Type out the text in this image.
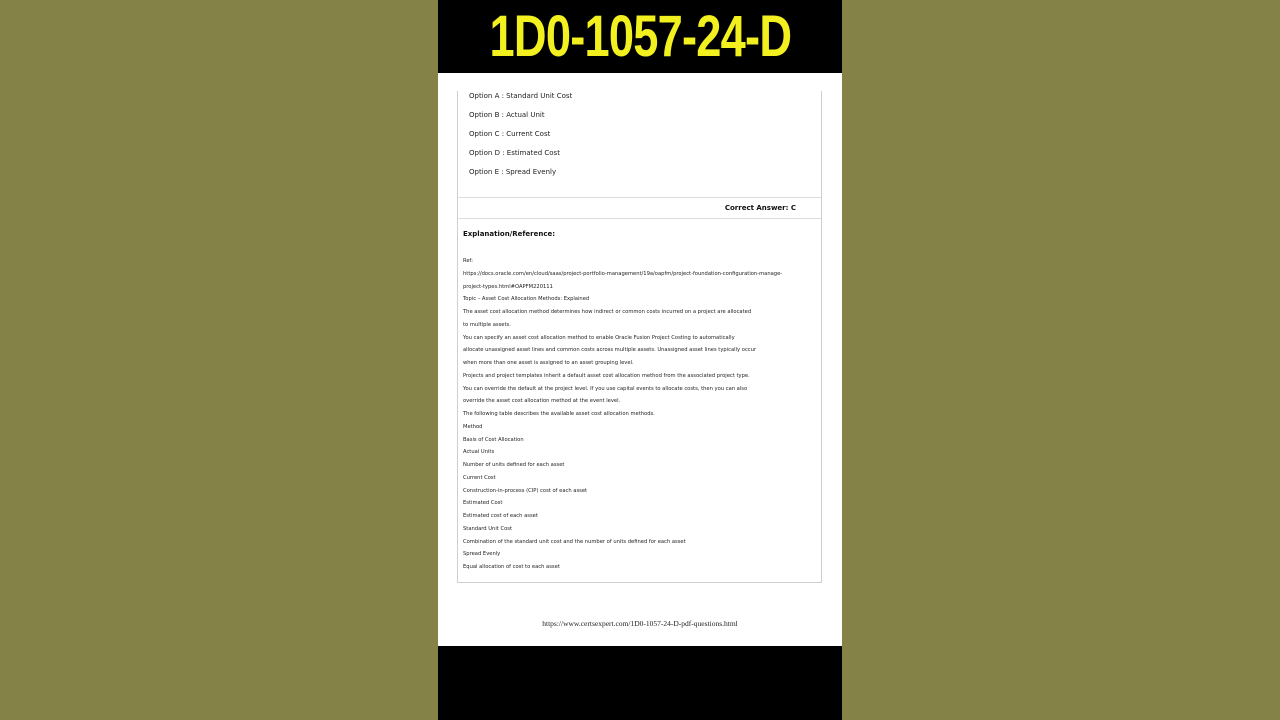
1D0-1057-24-D
Option A : Standard Unit Cost
Option B : Actual Unit
Option C : Current Cost
Option D : Estimated Cost
Option E : Spread Evenly
Correct Answer: C
Explanation/Reference:
Ref:
https://docs.oracle.com/en/cloud/saas/project-portfolio-management/19a/oapfm/project-foundation-configuration-manage-
project-types.html#OAPFM220111
Topic – Asset Cost Allocation Methods: Explained
The asset cost allocation method determines how indirect or common costs incurred on a project are allocated
to multiple assets.
You can specify an asset cost allocation method to enable Oracle Fusion Project Costing to automatically
allocate unassigned asset lines and common costs across multiple assets. Unassigned asset lines typically occur
when more than one asset is assigned to an asset grouping level.
Projects and project templates inherit a default asset cost allocation method from the associated project type.
You can override the default at the project level. If you use capital events to allocate costs, then you can also
override the asset cost allocation method at the event level.
The following table describes the available asset cost allocation methods.
Method
Basis of Cost Allocation
Actual Units
Number of units defined for each asset
Current Cost
Construction-in-process (CIP) cost of each asset
Estimated Cost
Estimated cost of each asset
Standard Unit Cost
Combination of the standard unit cost and the number of units defined for each asset
Spread Evenly
Equal allocation of cost to each asset
https://www.certsexpert.com/1D0-1057-24-D-pdf-questions.html
